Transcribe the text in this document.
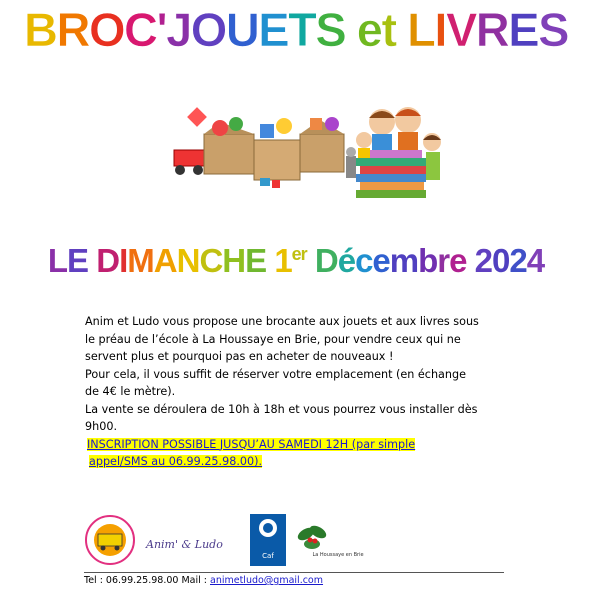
BROC'JOUETS et LIVRES
LE DIMANCHE 1er Décembre 2024

Anim et Ludo vous propose une brocante aux jouets et aux livres sous

le préau de l’école à La Houssaye en Brie, pour vendre ceux qui ne

servent plus et pourquoi pas en acheter de nouveaux !

Pour cela, il vous suffit de réserver votre emplacement (en échange

de 4€ le mètre).

La vente se déroulera de 10h à 18h et vous pourrez vous installer dès

9h00.

INSCRIPTION POSSIBLE JUSQU’AU SAMEDI 12H (par simple

appel/SMS au 06.99.25.98.00).

Anim' & Ludo
Caf	La Houssaye en Brie
Tel : 06.99.25.98.00 Mail : animetludo@gmail.com
